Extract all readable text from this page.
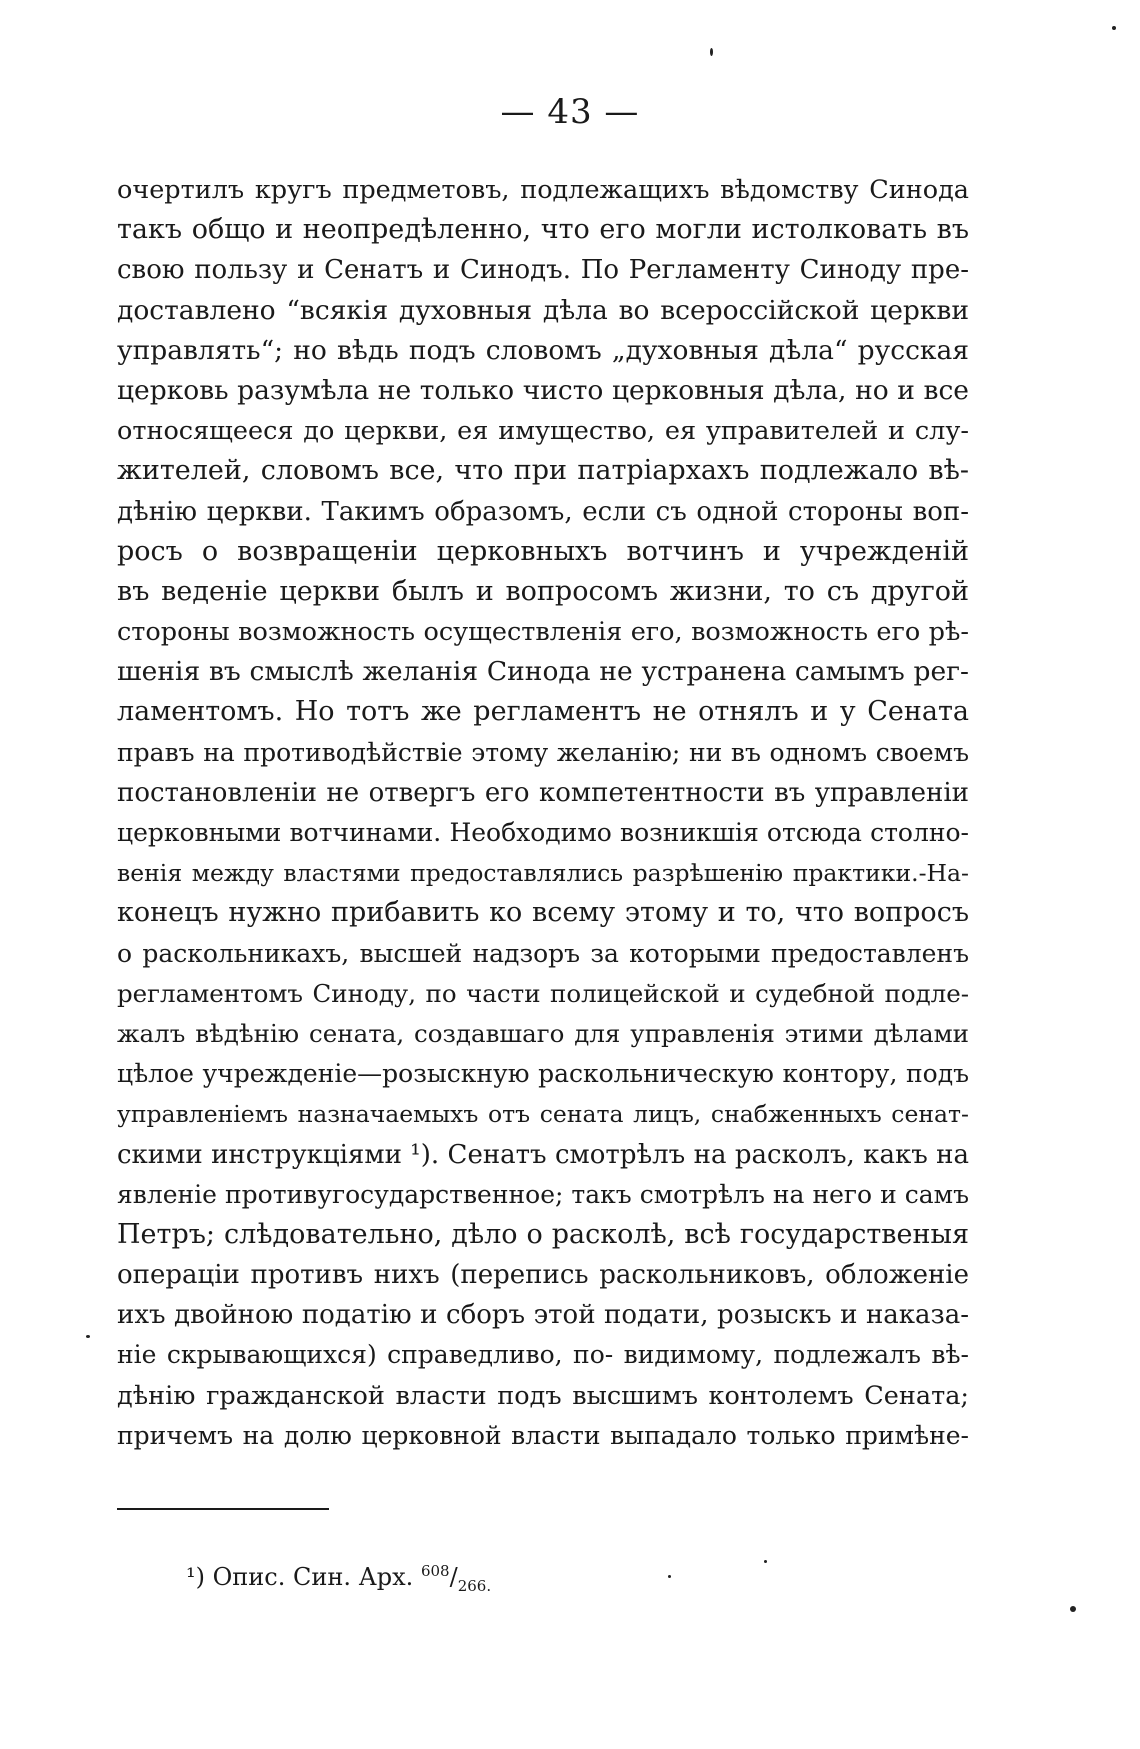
— 43 —
очертилъ кругъ предметовъ, подлежащихъ вѣдомству Синода
такъ общо и неопредѣленно, что его могли истолковать въ
свою пользу и Сенатъ и Синодъ. По Регламенту Синоду пре-
доставлено “всякія духовныя дѣла во всероссійской церкви
управлять“; но вѣдь подъ словомъ „духовныя дѣла“ русская
церковь разумѣла не только чисто церковныя дѣла, но и все
относящееся до церкви, ея имущество, ея управителей и слу-
жителей, словомъ все, что при патріархахъ подлежало вѣ-
дѣнію церкви. Такимъ образомъ, если съ одной стороны воп-
росъ о возвращеніи церковныхъ вотчинъ и учрежденій
въ веденіе церкви былъ и вопросомъ жизни, то съ другой
стороны возможность осуществленія его, возможность его рѣ-
шенія въ смыслѣ желанія Синода не устранена самымъ рег-
ламентомъ. Но тотъ же регламентъ не отнялъ и у Сената
правъ на противодѣйствіе этому желанію; ни въ одномъ своемъ
постановленіи не отвергъ его компетентности въ управленіи
церковными вотчинами. Необходимо возникшія отсюда столно-
венія между властями предоставлялись разрѣшенію практики.-На-
конецъ нужно прибавить ко всему этому и то, что вопросъ
о раскольникахъ, высшей надзоръ за которыми предоставленъ
регламентомъ Синоду, по части полицейской и судебной подле-
жалъ вѣдѣнію сената, создавшаго для управленія этими дѣлами
цѣлое учрежденіе—розыскную раскольническую контору, подъ
управленіемъ назначаемыхъ отъ сената лицъ, снабженныхъ сенат-
скими инструкціями ¹). Сенатъ смотрѣлъ на расколъ, какъ на
явленіе противугосударственное; такъ смотрѣлъ на него и самъ
Петръ; слѣдовательно, дѣло о расколѣ, всѣ государственыя
операціи противъ нихъ (перепись раскольниковъ, обложеніе
ихъ двойною податію и сборъ этой подати, розыскъ и наказа-
ніе скрывающихся) справедливо, по- видимому, подлежалъ вѣ-
дѣнію гражданской власти подъ высшимъ контолемъ Сената;
причемъ на долю церковной власти выпадало только примѣне-
¹) Опис. Син. Арх. $^{608}/_{266.}$
